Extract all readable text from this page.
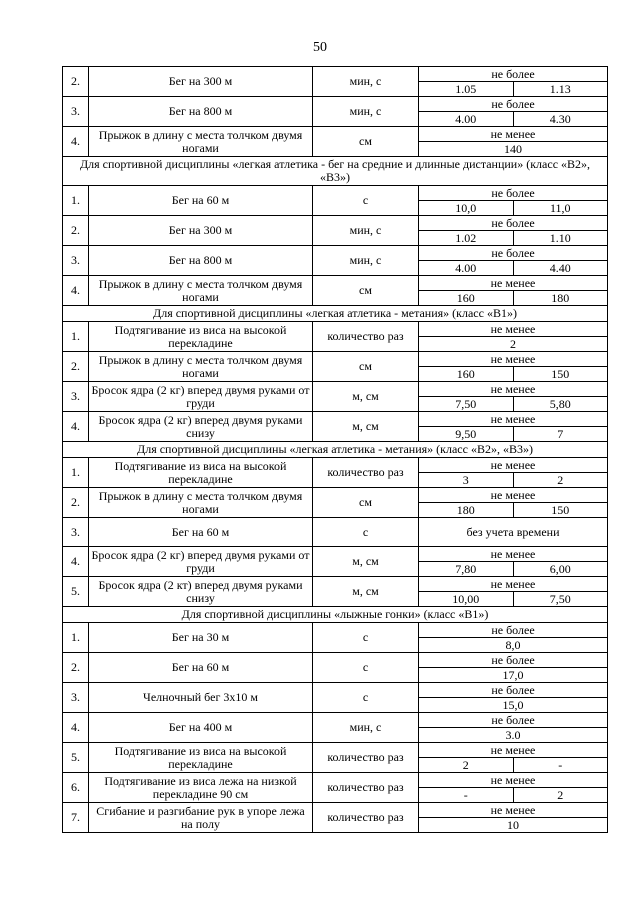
50
2.	Бег на 300 м	мин, с	не более
1.05 1.13

3.	Бег на 800 м	мин, с	не более
4.00 4.30

4.	Прыжок в длину с места толчком двумя ногами	см	не менее
140

Для спортивной дисциплины «легкая атлетика - бег на средние и длинные дистанции» (класс «В2», «В3»)			
1.	Бег на 60 м	с	не более
10,0 11,0

2.	Бег на 300 м	мин, с	не более
1.02 1.10

3.	Бег на 800 м	мин, с	не более
4.00 4.40

4.	Прыжок в длину с места толчком двумя ногами	см	не менее
160 180

Для спортивной дисциплины «легкая атлетика - метания» (класс «В1»)			
1.	Подтягивание из виса на высокой перекладине	количество раз	не менее
2

2.	Прыжок в длину с места толчком двумя ногами	см	не менее
160 150

3.	Бросок ядра (2 кг) вперед двумя руками от груди	м, см	не менее
7,50 5,80

4.	Бросок ядра (2 кг) вперед двумя руками снизу	м, см	не менее
9,50 7

Для спортивной дисциплины «легкая атлетика - метания» (класс «В2», «В3»)			
1.	Подтягивание из виса на высокой перекладине	количество раз	не менее
3 2

2.	Прыжок в длину с места толчком двумя ногами	см	не менее
180 150

3.	Бег на 60 м	с	без учета времени

4.	Бросок ядра (2 кг) вперед двумя руками от груди	м, см	не менее
7,80 6,00

5.	Бросок ядра (2 кт) вперед двумя руками снизу	м, см	не менее
10,00 7,50

Для спортивной дисциплины «лыжные гонки» (класс «В1»)			
1.	Бег на 30 м	с	не более
8,0

2.	Бег на 60 м	с	не более
17,0

3.	Челночный бег 3х10 м	с	не более
15,0

4.	Бег на 400 м	мин, с	не более
3.0

5.	Подтягивание из виса на высокой перекладине	количество раз	не менее
2 -

6.	Подтягивание из виса лежа на низкой перекладине 90 см	количество раз	не менее
- 2

7.	Сгибание и разгибание рук в упоре лежа на полу	количество раз	не менее
10
